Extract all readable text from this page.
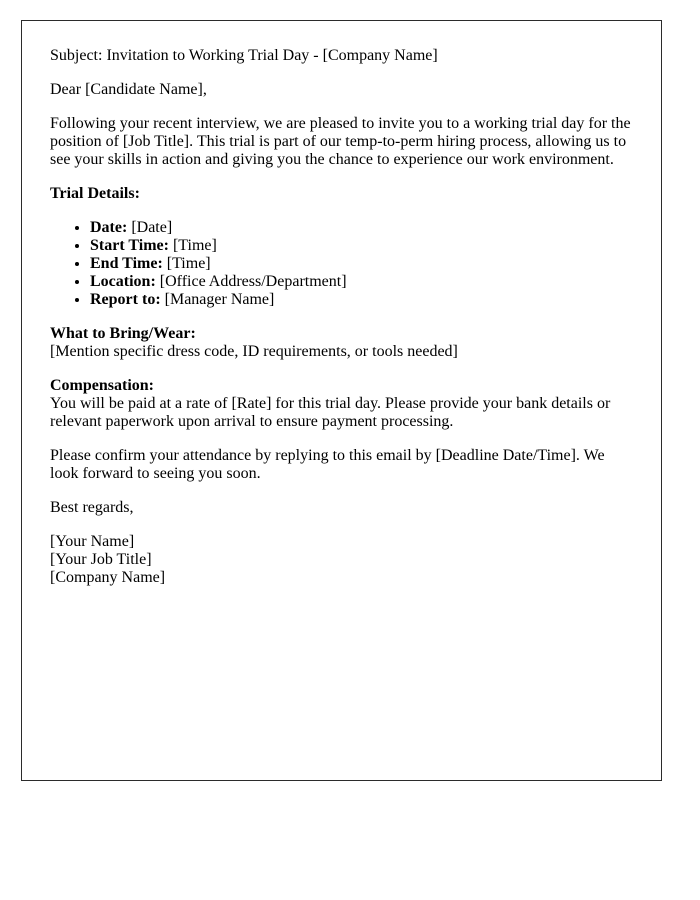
Subject: Invitation to Working Trial Day - [Company Name]

Dear [Candidate Name],

Following your recent interview, we are pleased to invite you to a working trial day for the position of [Job Title]. This trial is part of our temp-to-perm hiring process, allowing us to see your skills in action and giving you the chance to experience our work environment.

Trial Details:

• Date: [Date]
• Start Time: [Time]
• End Time: [Time]
• Location: [Office Address/Department]
• Report to: [Manager Name]

What to Bring/Wear:
[Mention specific dress code, ID requirements, or tools needed]

Compensation:
You will be paid at a rate of [Rate] for this trial day. Please provide your bank details or relevant paperwork upon arrival to ensure payment processing.

Please confirm your attendance by replying to this email by [Deadline Date/Time]. We look forward to seeing you soon.

Best regards,

[Your Name]
[Your Job Title]
[Company Name]
